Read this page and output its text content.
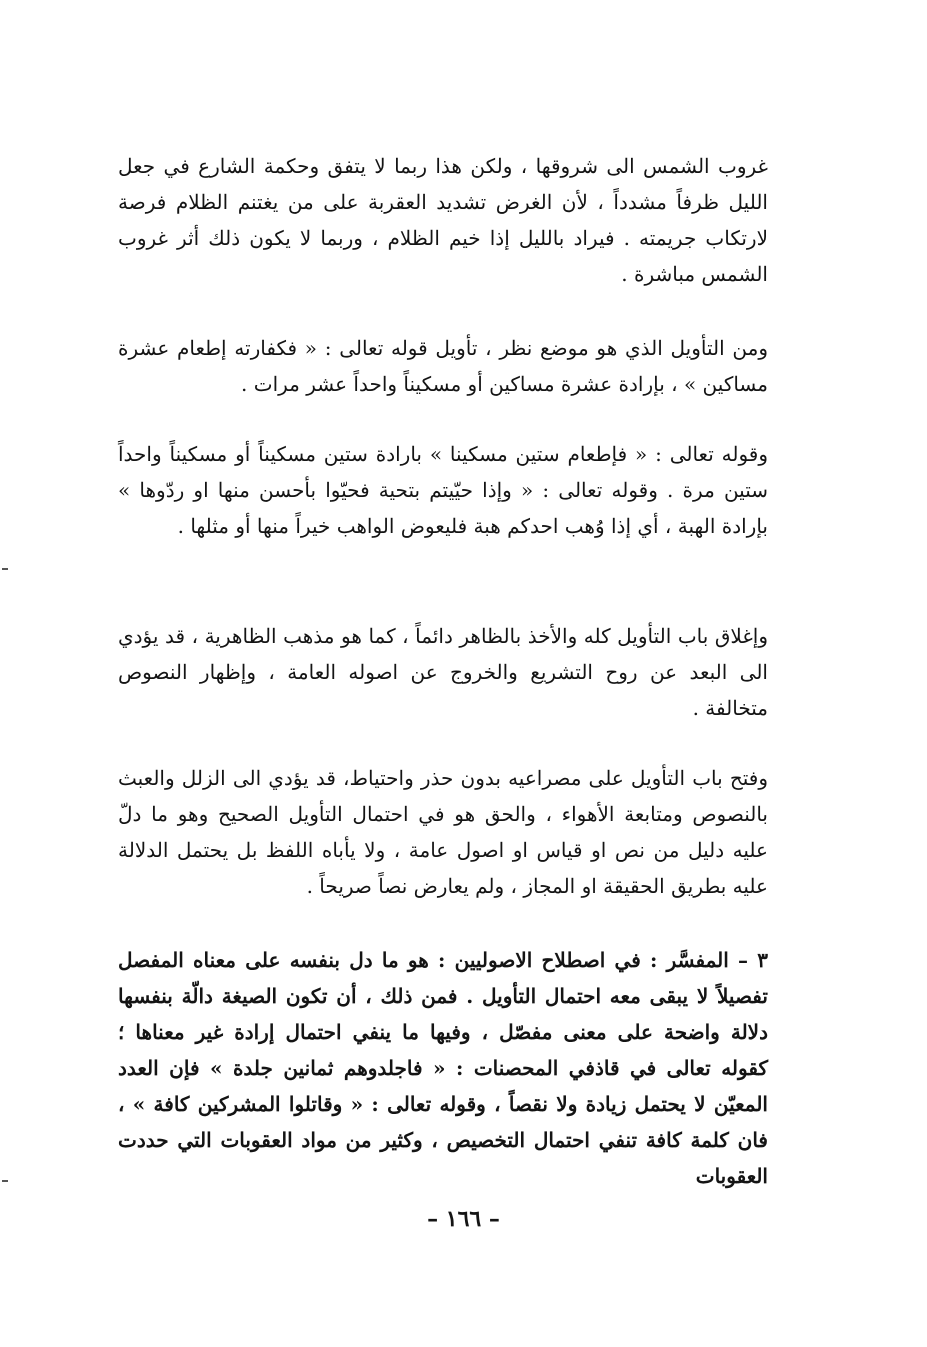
غروب الشمس الى شروقها ، ولكن هذا ربما لا يتفق وحكمة الشارع في جعل الليل ظرفاً مشدداً ، لأن الغرض تشديد العقربة على من يغتنم الظلام فرصة لارتكاب جريمته . فيراد بالليل إذا خيم الظلام ، وربما لا يكون ذلك أثر غروب الشمس مباشرة .

ومن التأويل الذي هو موضع نظر ، تأويل قوله تعالى : « فكفارته إطعام عشرة مساكين » ، بإرادة عشرة مساكين أو مسكيناً واحداً عشر مرات .

وقوله تعالى : « فإطعام ستين مسكينا » بارادة ستين مسكيناً أو مسكيناً واحداً ستين مرة . وقوله تعالى : « وإذا حيّيتم بتحية فحيّوا بأحسن منها او ردّوها » بإرادة الهبة ، أي إذا وُهب احدكم هبة فليعوض الواهب خيراً منها أو مثلها .

وإغلاق باب التأويل كله والأخذ بالظاهر دائماً ، كما هو مذهب الظاهرية ، قد يؤدي الى البعد عن روح التشريع والخروج عن اصوله العامة ، وإظهار النصوص متخالفة .

وفتح باب التأويل على مصراعيه بدون حذر واحتياط، قد يؤدي الى الزلل والعبث بالنصوص ومتابعة الأهواء ، والحق هو في احتمال التأويل الصحيح وهو ما دلّ عليه دليل من نص او قياس او اصول عامة ، ولا يأباه اللفظ بل يحتمل الدلالة عليه بطريق الحقيقة او المجاز ، ولم يعارض نصاً صريحاً .

٣ – المفسَّر : في اصطلاح الاصوليين : هو ما دل بنفسه على معناه المفصل تفصيلاً لا يبقى معه احتمال التأويل . فمن ذلك ، أن تكون الصيغة دالّة بنفسها دلالة واضحة على معنى مفصّل ، وفيها ما ينفي احتمال إرادة غير معناها ؛ كقوله تعالى في قاذفي المحصنات : « فاجلدوهم ثمانين جلدة » فإن العدد المعيّن لا يحتمل زيادة ولا نقصاً ، وقوله تعالى : « وقاتلوا المشركين كافة » ، فان كلمة كافة تنفي احتمال التخصيص ، وكثير من مواد العقوبات التي حددت العقوبات

– ١٦٦ –
